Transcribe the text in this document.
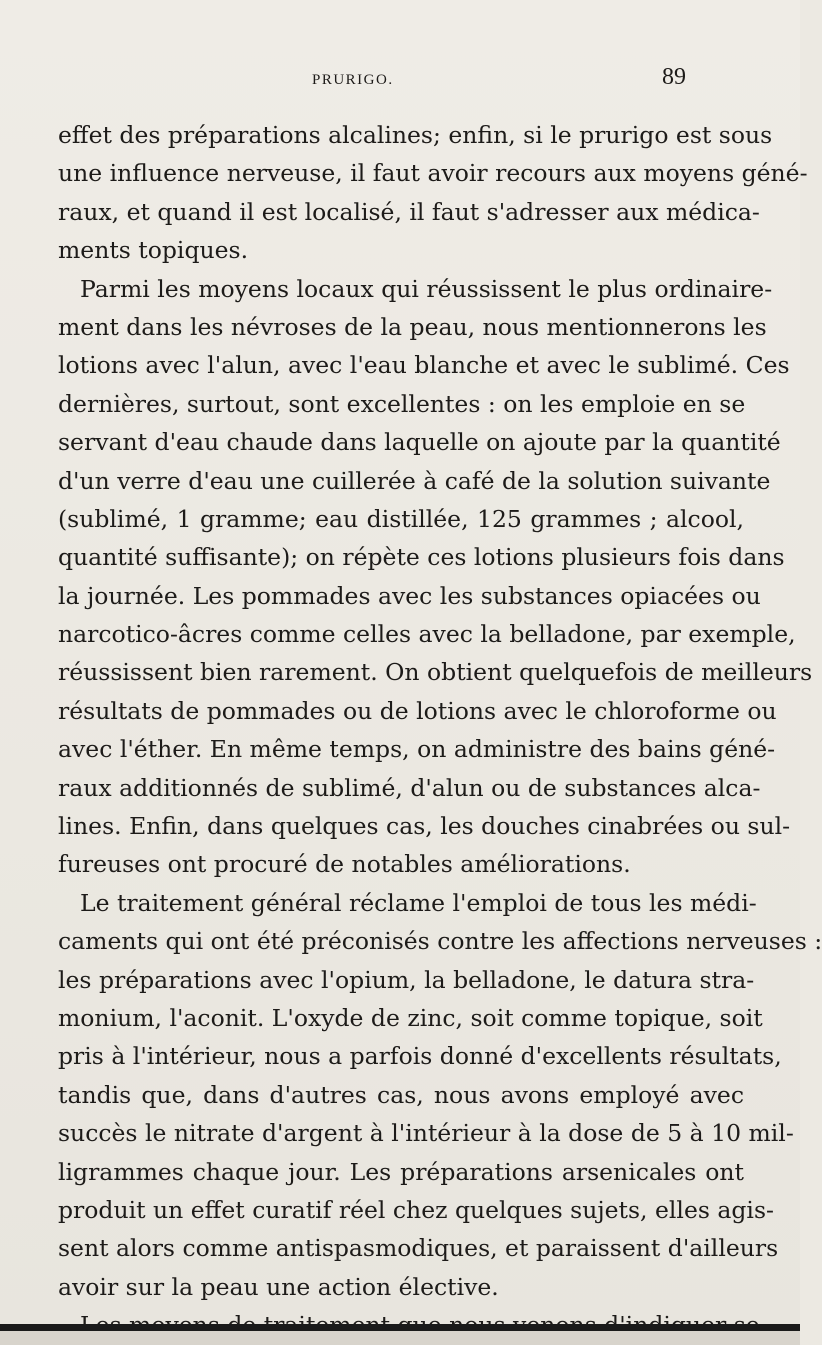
PRURIGO.	89
effet des préparations alcalines; enfin, si le prurigo est sous
une influence nerveuse, il faut avoir recours aux moyens géné-
raux, et quand il est localisé, il faut s'adresser aux médica-
ments topiques.
Parmi les moyens locaux qui réussissent le plus ordinaire-
ment dans les névroses de la peau, nous mentionnerons les
lotions avec l'alun, avec l'eau blanche et avec le sublimé. Ces
dernières, surtout, sont excellentes : on les emploie en se
servant d'eau chaude dans laquelle on ajoute par la quantité
d'un verre d'eau une cuillerée à café de la solution suivante
(sublimé, 1 gramme; eau distillée, 125 grammes ; alcool,
quantité suffisante); on répète ces lotions plusieurs fois dans
la journée. Les pommades avec les substances opiacées ou
narcotico-âcres comme celles avec la belladone, par exemple,
réussissent bien rarement. On obtient quelquefois de meilleurs
résultats de pommades ou de lotions avec le chloroforme ou
avec l'éther. En même temps, on administre des bains géné-
raux additionnés de sublimé, d'alun ou de substances alca-
lines. Enfin, dans quelques cas, les douches cinabrées ou sul-
fureuses ont procuré de notables améliorations.
Le traitement général réclame l'emploi de tous les médi-
caments qui ont été préconisés contre les affections nerveuses :
les préparations avec l'opium, la belladone, le datura stra-
monium, l'aconit. L'oxyde de zinc, soit comme topique, soit
pris à l'intérieur, nous a parfois donné d'excellents résultats,
tandis que, dans d'autres cas, nous avons employé avec
succès le nitrate d'argent à l'intérieur à la dose de 5 à 10 mil-
ligrammes chaque jour. Les préparations arsenicales ont
produit un effet curatif réel chez quelques sujets, elles agis-
sent alors comme antispasmodiques, et paraissent d'ailleurs
avoir sur la peau une action élective.
